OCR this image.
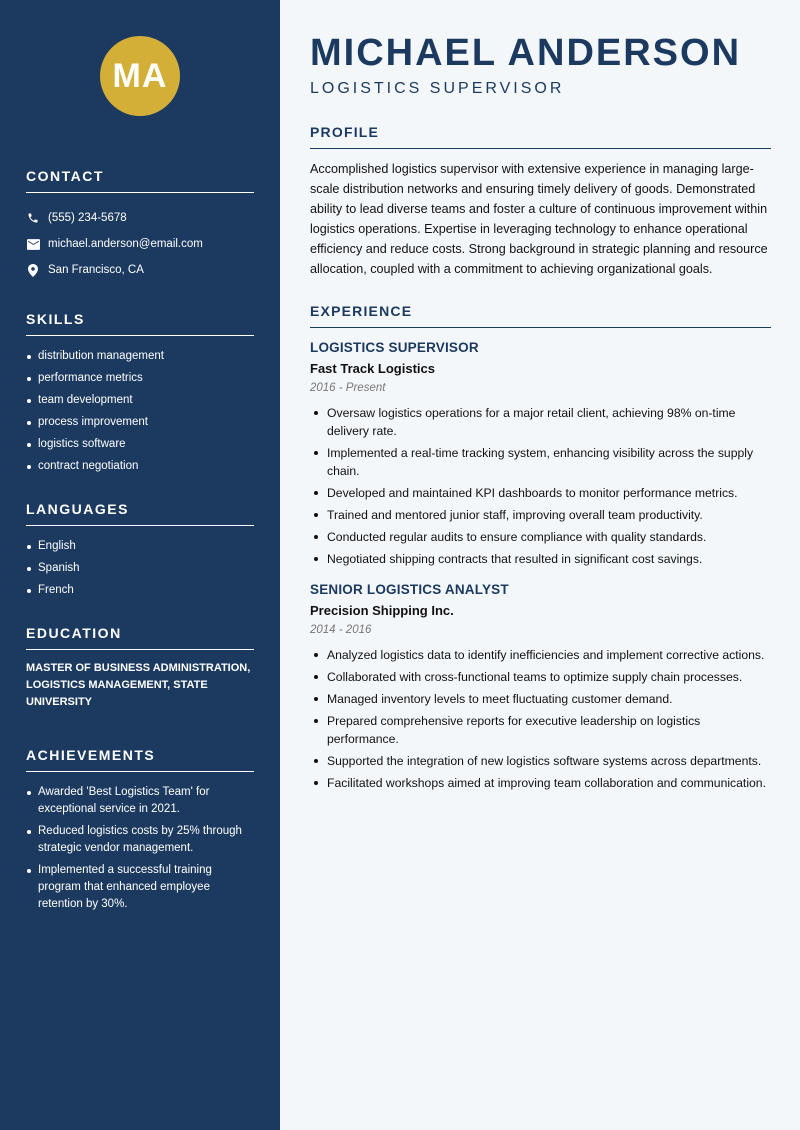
MA
CONTACT
(555) 234-5678
michael.anderson@email.com
San Francisco, CA
SKILLS
distribution management
performance metrics
team development
process improvement
logistics software
contract negotiation
LANGUAGES
English
Spanish
French
EDUCATION

MASTER OF BUSINESS ADMINISTRATION, LOGISTICS MANAGEMENT, STATE UNIVERSITY

ACHIEVEMENTS
Awarded 'Best Logistics Team' for exceptional service in 2021.
Reduced logistics costs by 25% through strategic vendor management.
Implemented a successful training program that enhanced employee retention by 30%.
MICHAEL ANDERSON
LOGISTICS SUPERVISOR
PROFILE

Accomplished logistics supervisor with extensive experience in managing large-scale distribution networks and ensuring timely delivery of goods. Demonstrated ability to lead diverse teams and foster a culture of continuous improvement within logistics operations. Expertise in leveraging technology to enhance operational efficiency and reduce costs. Strong background in strategic planning and resource allocation, coupled with a commitment to achieving organizational goals.

EXPERIENCE
LOGISTICS SUPERVISOR
Fast Track Logistics
2016 - Present
Oversaw logistics operations for a major retail client, achieving 98% on-time delivery rate.
Implemented a real-time tracking system, enhancing visibility across the supply chain.
Developed and maintained KPI dashboards to monitor performance metrics.
Trained and mentored junior staff, improving overall team productivity.
Conducted regular audits to ensure compliance with quality standards.
Negotiated shipping contracts that resulted in significant cost savings.
SENIOR LOGISTICS ANALYST
Precision Shipping Inc.
2014 - 2016
Analyzed logistics data to identify inefficiencies and implement corrective actions.
Collaborated with cross-functional teams to optimize supply chain processes.
Managed inventory levels to meet fluctuating customer demand.
Prepared comprehensive reports for executive leadership on logistics performance.
Supported the integration of new logistics software systems across departments.
Facilitated workshops aimed at improving team collaboration and communication.
